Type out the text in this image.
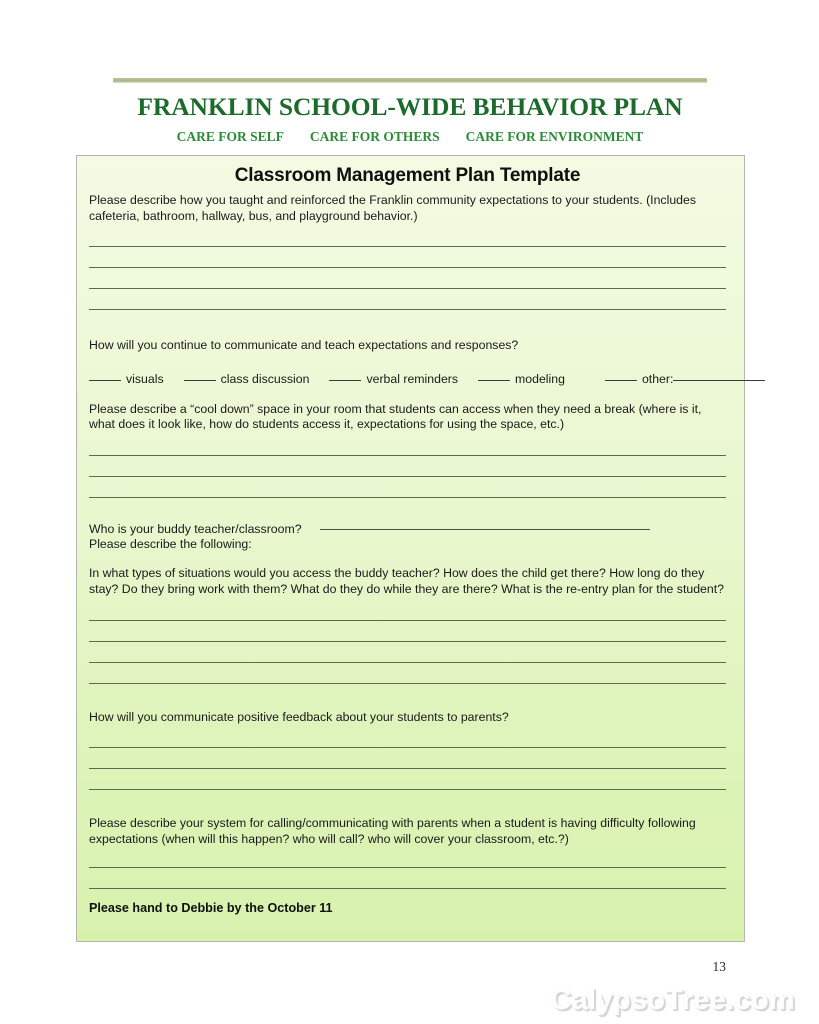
FRANKLIN SCHOOL-WIDE BEHAVIOR PLAN
CARE FOR SELF CARE FOR OTHERS CARE FOR ENVIRONMENT
Classroom Management Plan Template

Please describe how you taught and reinforced the Franklin community expectations to your students. (Includes cafeteria, bathroom, hallway, bus, and playground behavior.)

How will you continue to communicate and teach expectations and responses?

visuals	class discussion	verbal reminders	modeling	other:

Please describe a “cool down” space in your room that students can access when they need a break (where is it, what does it look like, how do students access it, expectations for using the space, etc.)

Who is your buddy teacher/classroom?

Please describe the following:

In what types of situations would you access the buddy teacher? How does the child get there? How long do they stay? Do they bring work with them? What do they do while they are there? What is the re-entry plan for the student?

How will you communicate positive feedback about your students to parents?

Please describe your system for calling/communicating with parents when a student is having difficulty following expectations (when will this happen? who will call? who will cover your classroom, etc.?)

Please hand to Debbie by the October 11

13
CalypsoTree.com
